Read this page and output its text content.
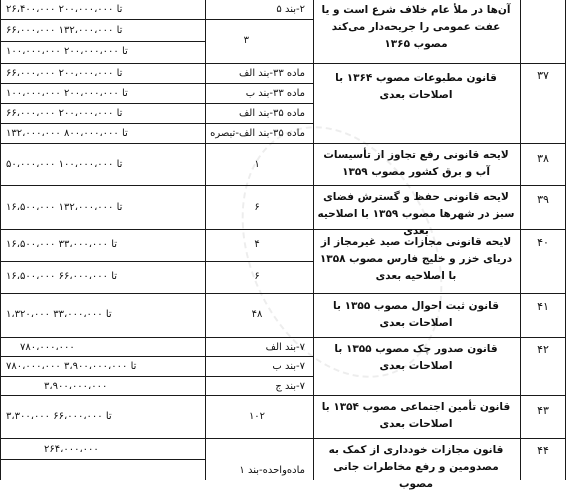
آن‌ها در ملأ عام خلاف شرع است و یا عفت عمومی را جریحه‌دار می‌کند مصوب ۱۳۶۵
۲-بند ۵
۲۶،۴۰۰،۰۰۰ تا ۲۰۰،۰۰۰،۰۰۰
۳
۶۶،۰۰۰،۰۰۰ تا ۱۳۲،۰۰۰،۰۰۰
۱۰۰،۰۰۰،۰۰۰ تا ۲۰۰،۰۰۰،۰۰۰
۳۷
قانون مطبوعات مصوب ۱۳۶۴ با اصلاحات بعدی
ماده ۳۳-بند الف
۶۶،۰۰۰،۰۰۰ تا ۲۰۰،۰۰۰،۰۰۰
ماده ۳۳-بند ب
۱۰۰،۰۰۰،۰۰۰ تا ۲۰۰،۰۰۰،۰۰۰
ماده ۳۵-بند الف
۶۶،۰۰۰،۰۰۰ تا ۲۰۰،۰۰۰،۰۰۰
ماده ۳۵-بند الف-تبصره
۱۳۲،۰۰۰،۰۰۰ تا ۸۰۰،۰۰۰،۰۰۰
۳۸
لایحه قانونی رفع تجاوز از تأسیسات آب و برق کشور مصوب ۱۳۵۹
۱
۵۰،۰۰۰،۰۰۰ تا ۱۰۰،۰۰۰،۰۰۰
۳۹
لایحه قانونی حفظ و گسترش فضای سبز در شهرها مصوب ۱۳۵۹ با اصلاحیه بعدی
۶
۱۶،۵۰۰،۰۰۰ تا ۱۳۲،۰۰۰،۰۰۰
۴۰
لایحه قانونی مجازات صید غیرمجاز از دریای خزر و خلیج فارس مصوب ۱۳۵۸ با اصلاحیه بعدی
۴
۱۶،۵۰۰،۰۰۰ تا ۳۳،۰۰۰،۰۰۰
۶
۱۶،۵۰۰،۰۰۰ تا ۶۶،۰۰۰،۰۰۰
۴۱
قانون ثبت احوال مصوب ۱۳۵۵ با اصلاحات بعدی
۴۸
۱،۳۲۰،۰۰۰ تا ۳۳،۰۰۰،۰۰۰
۴۲
قانون صدور چک مصوب ۱۳۵۵ با اصلاحات بعدی
۷-بند الف
۷۸۰،۰۰۰،۰۰۰
۷-بند ب
۷۸۰،۰۰۰،۰۰۰ تا ۳،۹۰۰،۰۰۰،۰۰۰
۷-بند ج
۳،۹۰۰،۰۰۰،۰۰۰
۴۳
قانون تأمین اجتماعی مصوب ۱۳۵۴ با اصلاحات بعدی
۱۰۲
۳،۳۰۰،۰۰۰ تا ۶۶،۰۰۰،۰۰۰
۴۴
قانون مجازات خودداری از کمک به مصدومین و رفع مخاطرات جانی مصوب
۲۶۴،۰۰۰،۰۰۰
ماده‌واحده-بند ۱
